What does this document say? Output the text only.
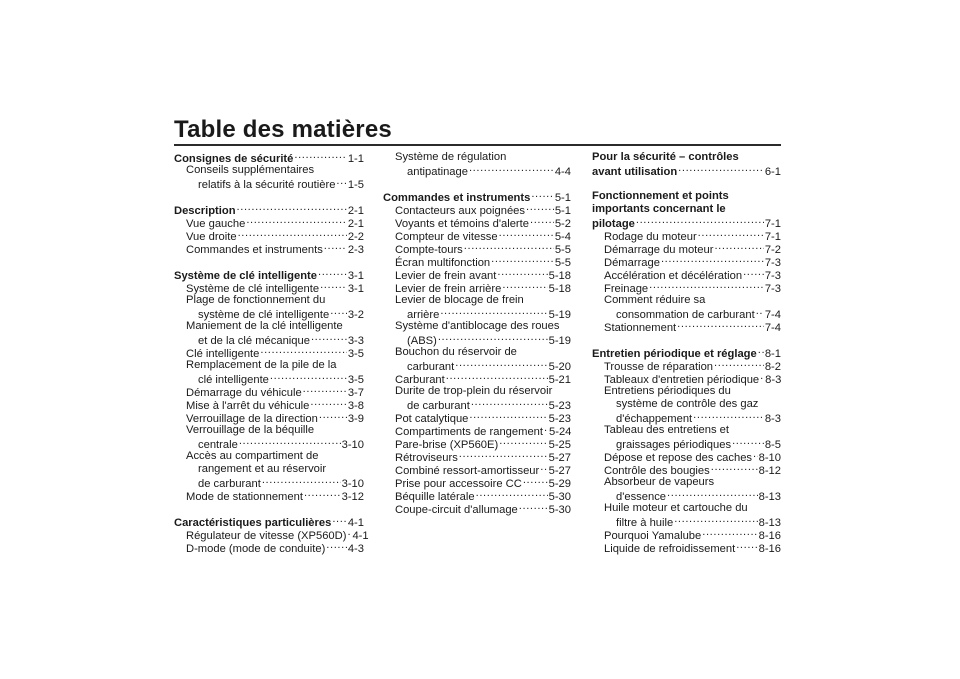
Table des matières
Consignes de sécurité .....	1-1
Conseils supplémentaires
relatifs à la sécurité routière ..... 1-5
Description .....	2-1
Vue gauche .....	2-1
Vue droite .....	2-2
Commandes et instruments ..... 2-3
Système de clé intelligente .....	3-1
Système de clé intelligente .....	3-1
Plage de fonctionnement du
système de clé intelligente ..... 3-2
Maniement de la clé intelligente
et de la clé mécanique .....	3-3
Clé intelligente .....	3-5
Remplacement de la pile de la
clé intelligente .....	3-5
Démarrage du véhicule .....	3-7
Mise à l'arrêt du véhicule .....	3-8
Verrouillage de la direction .....	3-9
Verrouillage de la béquille
centrale .....	3-10
Accès au compartiment de
rangement et au réservoir
de carburant .....	3-10
Mode de stationnement .....	3-12
Caractéristiques particulières ..... 4-1
Régulateur de vitesse (XP560D) ..... 4-1
D-mode (mode de conduite) ..... 4-3
Système de régulation
antipatinage .....	4-4
Commandes et instruments ..... 5-1
Contacteurs aux poignées .....	5-1
Voyants et témoins d'alerte ..... 5-2
Compteur de vitesse .....	5-4
Compte-tours .....	5-5
Écran multifonction .....	5-5
Levier de frein avant .....	5-18
Levier de frein arrière .....	5-18
Levier de blocage de frein
arrière .....	5-19
Système d'antiblocage des roues
(ABS) .....	5-19
Bouchon du réservoir de
carburant .....	5-20
Carburant .....	5-21
Durite de trop-plein du réservoir
de carburant .....	5-23
Pot catalytique .....	5-23
Compartiments de rangement ..... 5-24
Pare-brise (XP560E) .....	5-25
Rétroviseurs .....	5-27
Combiné ressort-amortisseur ..... 5-27
Prise pour accessoire CC ..... 5-29
Béquille latérale .....	5-30
Coupe-circuit d'allumage .....	5-30
Pour la sécurité – contrôles
avant utilisation .....	6-1
Fonctionnement et points
importants concernant le
pilotage .....	7-1
Rodage du moteur .....	7-1
Démarrage du moteur .....	7-2
Démarrage .....	7-3
Accélération et décélération ..... 7-3
Freinage .....	7-3
Comment réduire sa
consommation de carburant ..... 7-4
Stationnement .....	7-4
Entretien périodique et réglage ..... 8-1
Trousse de réparation .....	8-2
Tableaux d'entretien périodique ..... 8-3
Entretiens périodiques du
système de contrôle des gaz
d'échappement .....	8-3
Tableau des entretiens et
graissages périodiques .....	8-5
Dépose et repose des caches ..... 8-10
Contrôle des bougies .....	8-12
Absorbeur de vapeurs
d'essence .....	8-13
Huile moteur et cartouche du
filtre à huile .....	8-13
Pourquoi Yamalube .....	8-16
Liquide de refroidissement ..... 8-16
